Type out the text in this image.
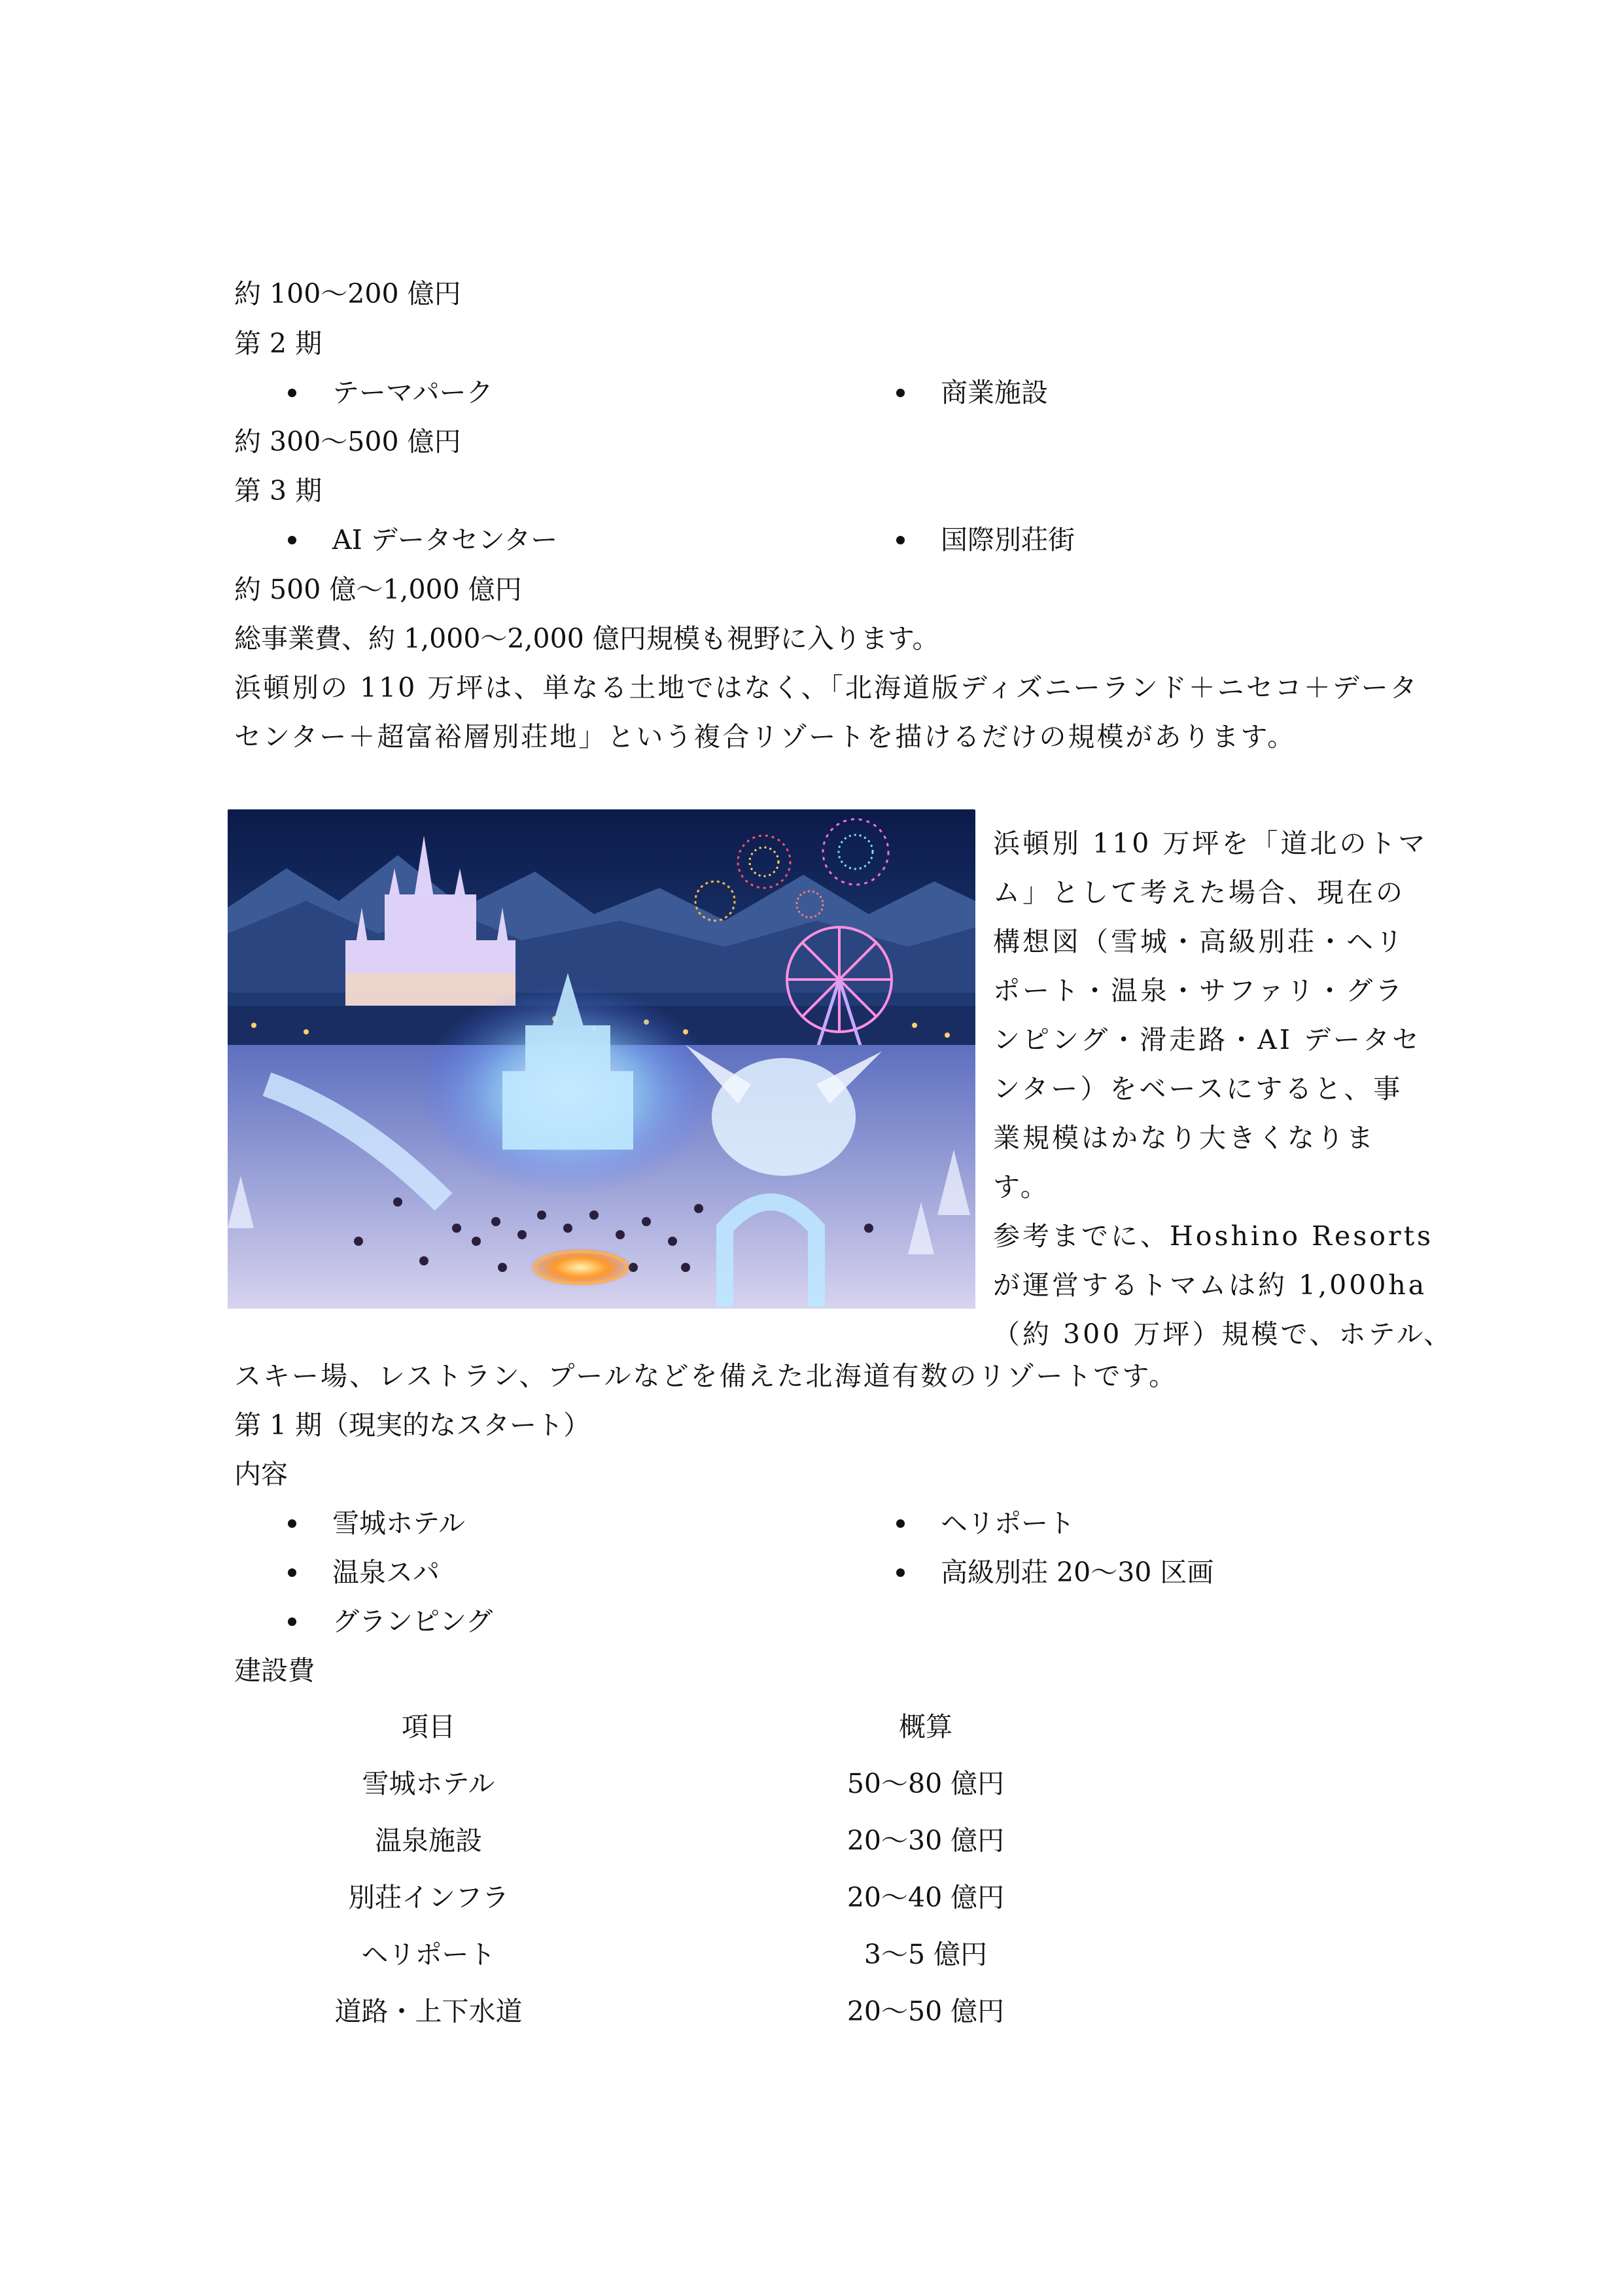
約 100〜200 億円
第 2 期
テーマパーク	商業施設
約 300〜500 億円
第 3 期
AI データセンター	国際別荘街
約 500 億〜1,000 億円
総事業費、約 1,000〜2,000 億円規模も視野に入ります。
浜頓別の 110 万坪は、単なる土地ではなく、「北海道版ディズニーランド＋ニセコ＋データ
センター＋超富裕層別荘地」という複合リゾートを描けるだけの規模があります。
浜頓別 110 万坪を「道北のトマ
ム」として考えた場合、現在の
構想図（雪城・高級別荘・ヘリ
ポート・温泉・サファリ・グラ
ンピング・滑走路・AI データセ
ンター）をベースにすると、事
業規模はかなり大きくなりま
す。
参考までに、Hoshino Resorts
が運営するトマムは約 1,000ha
（約 300 万坪）規模で、ホテル、
スキー場、レストラン、プールなどを備えた北海道有数のリゾートです。
第 1 期（現実的なスタート）
内容
雪城ホテル	ヘリポート
温泉スパ	高級別荘 20〜30 区画
グランピング
建設費
項目	概算
雪城ホテル	50〜80 億円
温泉施設	20〜30 億円
別荘インフラ	20〜40 億円
ヘリポート	3〜5 億円
道路・上下水道	20〜50 億円
